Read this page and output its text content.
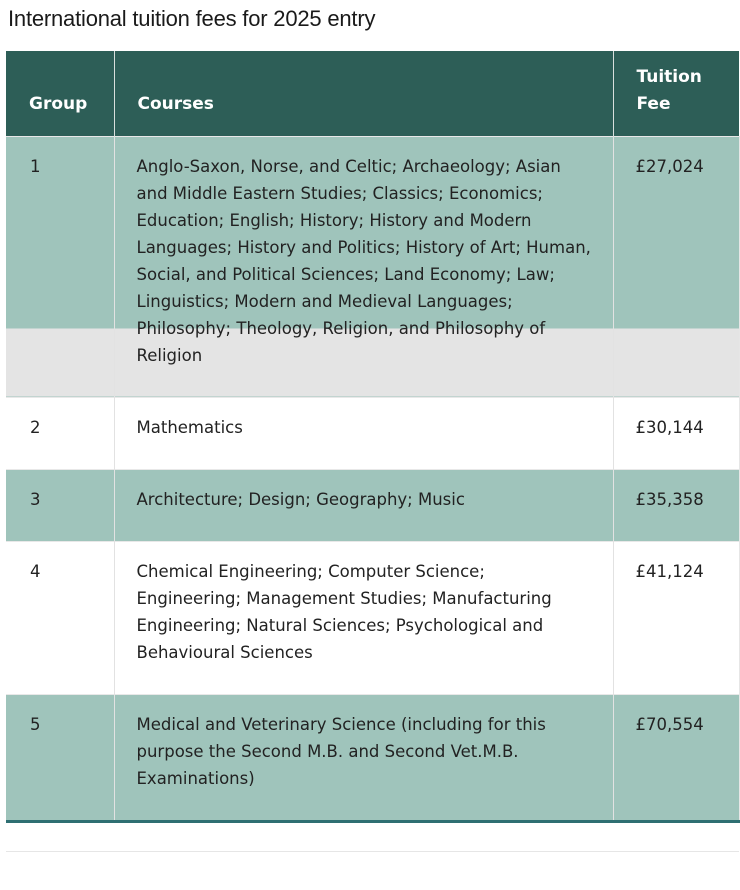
International tuition fees for 2025 entry
Group	Courses	Tuition Fee
1	Anglo-Saxon, Norse, and Celtic; Archaeology; Asian and Middle Eastern Studies; Classics; Economics; Education; English; History; History and Modern Languages; History and Politics; History of Art; Human, Social, and Political Sciences; Land Economy; Law; Linguistics; Modern and Medieval Languages; Philosophy; Theology, Religion, and Philosophy of Religion	£27,024
2	Mathematics	£30,144
3	Architecture; Design; Geography; Music	£35,358
4	Chemical Engineering; Computer Science; Engineering; Management Studies; Manufacturing Engineering; Natural Sciences; Psychological and Behavioural Sciences	£41,124
5	Medical and Veterinary Science (including for this purpose the Second M.B. and Second Vet.M.B. Examinations)	£70,554
